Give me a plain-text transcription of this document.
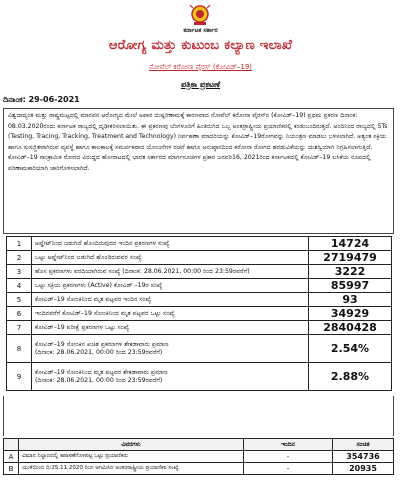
ಕರ್ನಾಟಕ ಸರ್ಕಾರ
ಆರೋಗ್ಯ ಮತ್ತು ಕುಟುಂಬ ಕಲ್ಯಾಣ ಇಲಾಖೆ
ನೋವೆಲ್ ಕರೋನಾ ವೈರಸ್ (ಕೋವಿಡ್–19)
ಪತ್ರಿಕಾ ಪ್ರಕಟಣೆ
ದಿನಾಂಕ: 29-06-2021

ವಿಶ್ವದಾದ್ಯಂತ ಮತ್ತು ರಾಷ್ಟ್ರಮಟ್ಟದಲ್ಲಿ ಮಾನವನ ಆರೋಗ್ಯದ ಮೇಲೆ ಅಪಾರ ದುಷ್ಪರಿಣಾಮಕ್ಕೆ ಕಾರಣವಾದ ನೋವೆಲ್ ಕರೋನಾ ವೈರಸ್‌ನ (ಕೋವಿಡ್–19) ಪ್ರಥಮ ಪ್ರಕರಣ ದಿನಾಂಕ: 08.03.2020ರಂದು ಕರ್ನಾಟಕ ರಾಜ್ಯದಲ್ಲಿ ದೃಢೀಕರಿಸಲಾಯಿತು. ಈ ಪ್ರಕರಣವು ಬೆಂಗಳೂರಿಗೆ ಹಿಂತಿರುಗಿದ ಒಬ್ಬ ಅಂತರ್ರಾಷ್ಟ್ರೀಯ ಪ್ರಯಾಣಿಕರಲ್ಲಿ ಕಂಡುಬಂದಿರುತ್ತದೆ. ಅಂದಿನಿಂದ ರಾಜ್ಯದಲ್ಲಿ 5Ts (Testing, Tracing, Tracking, Treatment and Technology) ನಿರ್ವಹಣಾ ಮಾದರಿಯನ್ನು ಕೋವಿಡ್–19ರೋಗವನ್ನು ನಿಯಂತ್ರಣ ಮಾಡಲು ಬಳಸಲಾಗಿದೆ. ಅತ್ಯಂತ ಸಕ್ರಿಯ ಹಾಗೂ ಸುಸಜ್ಜಿತವಾಗಿರುವ ವ್ಯವಸ್ಥೆ ಹಾಗೂ ಕಾಲಕಾಲಕ್ಕೆ ಸಮರ್ಪಕವಾದ ಯೋಜನೆಗಳ ರಚನೆ ಹಾಗೂ ಅನುಷ್ಠಾನದಿಂದ ಕರೋನಾ ರೋಗದ ಹರಡುವಿಕೆಯನ್ನು ಯಶಸ್ವಿಯಾಗಿ ನಿಗ್ರಹಿಸಲಾಗುತ್ತಿದೆ.

ಕೋವಿಡ್–19 ಸಾಂಕ್ರಾಮಿಕ ರೋಗದ ವಿರುದ್ಧದ ಹೋರಾಟದಲ್ಲಿ ಭಾರತ ಸರ್ಕಾರದ ಮಾರ್ಗಸೂಚಿಗಳ ಪ್ರಕಾರ ಜನವರಿ16, 2021ರಿಂದ ಕರ್ನಾಟಕದಲ್ಲಿ ಕೋವಿಡ್–19 ಲಸಿಕೆಯ ರೂಪದಲ್ಲಿ ಪರಿಣಾಮಕಾರಿಯಾಗಿ ಜಾರಿಗೊಳಿಸಲಾಗಿದೆ.

1	ಅಪ್ಡೇಟ್‌ನಿಂದ ಜಡುಗಿದೆ ಹೊಂದಿರುವುದರ ಇಂದಿನ ಪ್ರಕರಣಗಳ ಸಂಖ್ಯೆ	14724
2	ಒಟ್ಟು ಅಪ್ಡೇಟ್‌ನಿಂದ ಜಡುಗಿದೆ ಹೊಂದಿರುವವರ ಸಂಖ್ಯೆ	2719479
3	ಹೊಸ ಪ್ರಕರಣಗಳು ವರದಿಯಾಗಿರುವ ಸಂಖ್ಯೆ (ದಿನಾಂಕ: 28.06.2021, 00:00 ರಿಂದ 23:59ರವರೆಗೆ)	3222
4	ಒಟ್ಟು ಸಕ್ರಿಯ ಪ್ರಕರಣಗಳು (Active) ಕೋವಿಡ್ –19ರ ಸಂಖ್ಯೆ	85997
5	ಕೋವಿಡ್–19 ಸೋಂಕಿನಿಂದ ಮೃತ ಪಟ್ಟವರ ಇಂದಿನ ಸಂಖ್ಯೆ	93
6	ಇಂದಿನವರೆಗೆ ಕೋವಿಡ್–19 ಸೋಂಕಿನಿಂದ ಮೃತ ಪಟ್ಟವರ ಒಟ್ಟು ಸಂಖ್ಯೆ	34929
7	ಕೋವಿಡ್–19 ಪರೀಕ್ಷೆ ಪ್ರಕರಣಗಳ ಒಟ್ಟು ಸಂಖ್ಯೆ	2840428
8	ಕೋವಿಡ್–19 ಸೋಂಕಿನ ಖಚಿತ ಪ್ರಕರಣಗಳ ಶೇಕಡಾವಾರು ಪ್ರಮಾಣ
(ದಿನಾಂಕ: 28.06.2021, 00:00 ರಿಂದ 23:59ರವರೆಗೆ)	2.54%
9	ಕೋವಿಡ್–19 ಸೋಂಕಿನಿಂದ ಮೃತ ಪಟ್ಟವರ ಶೇಕಡಾವಾರು ಪ್ರಮಾಣ
(ದಿನಾಂಕ: 28.06.2021, 00:00 ರಿಂದ 23:59ರವರೆಗೆ)	2.88%
	ವಿವರಗಳು	ಇಂದಿನ	ಸಂಚಿತ
A	ವಿಮಾನ ನಿಲ್ದಾಣದಲ್ಲಿ ತಪಾಸಣೆಗೊಳಪಟ್ಟ ಒಟ್ಟು ಪ್ರಯಾಣಿಕರು	-	354736
B	ಯುಕೆಯಿಂದ ದಿ:25.11.2020 ರಿಂದ ಆಗಮಿಸಿದ ಅಂತರರಾಷ್ಟ್ರೀಯ ಪ್ರಯಾಣಿಕರ ಸಂಖ್ಯೆ	-	20935
